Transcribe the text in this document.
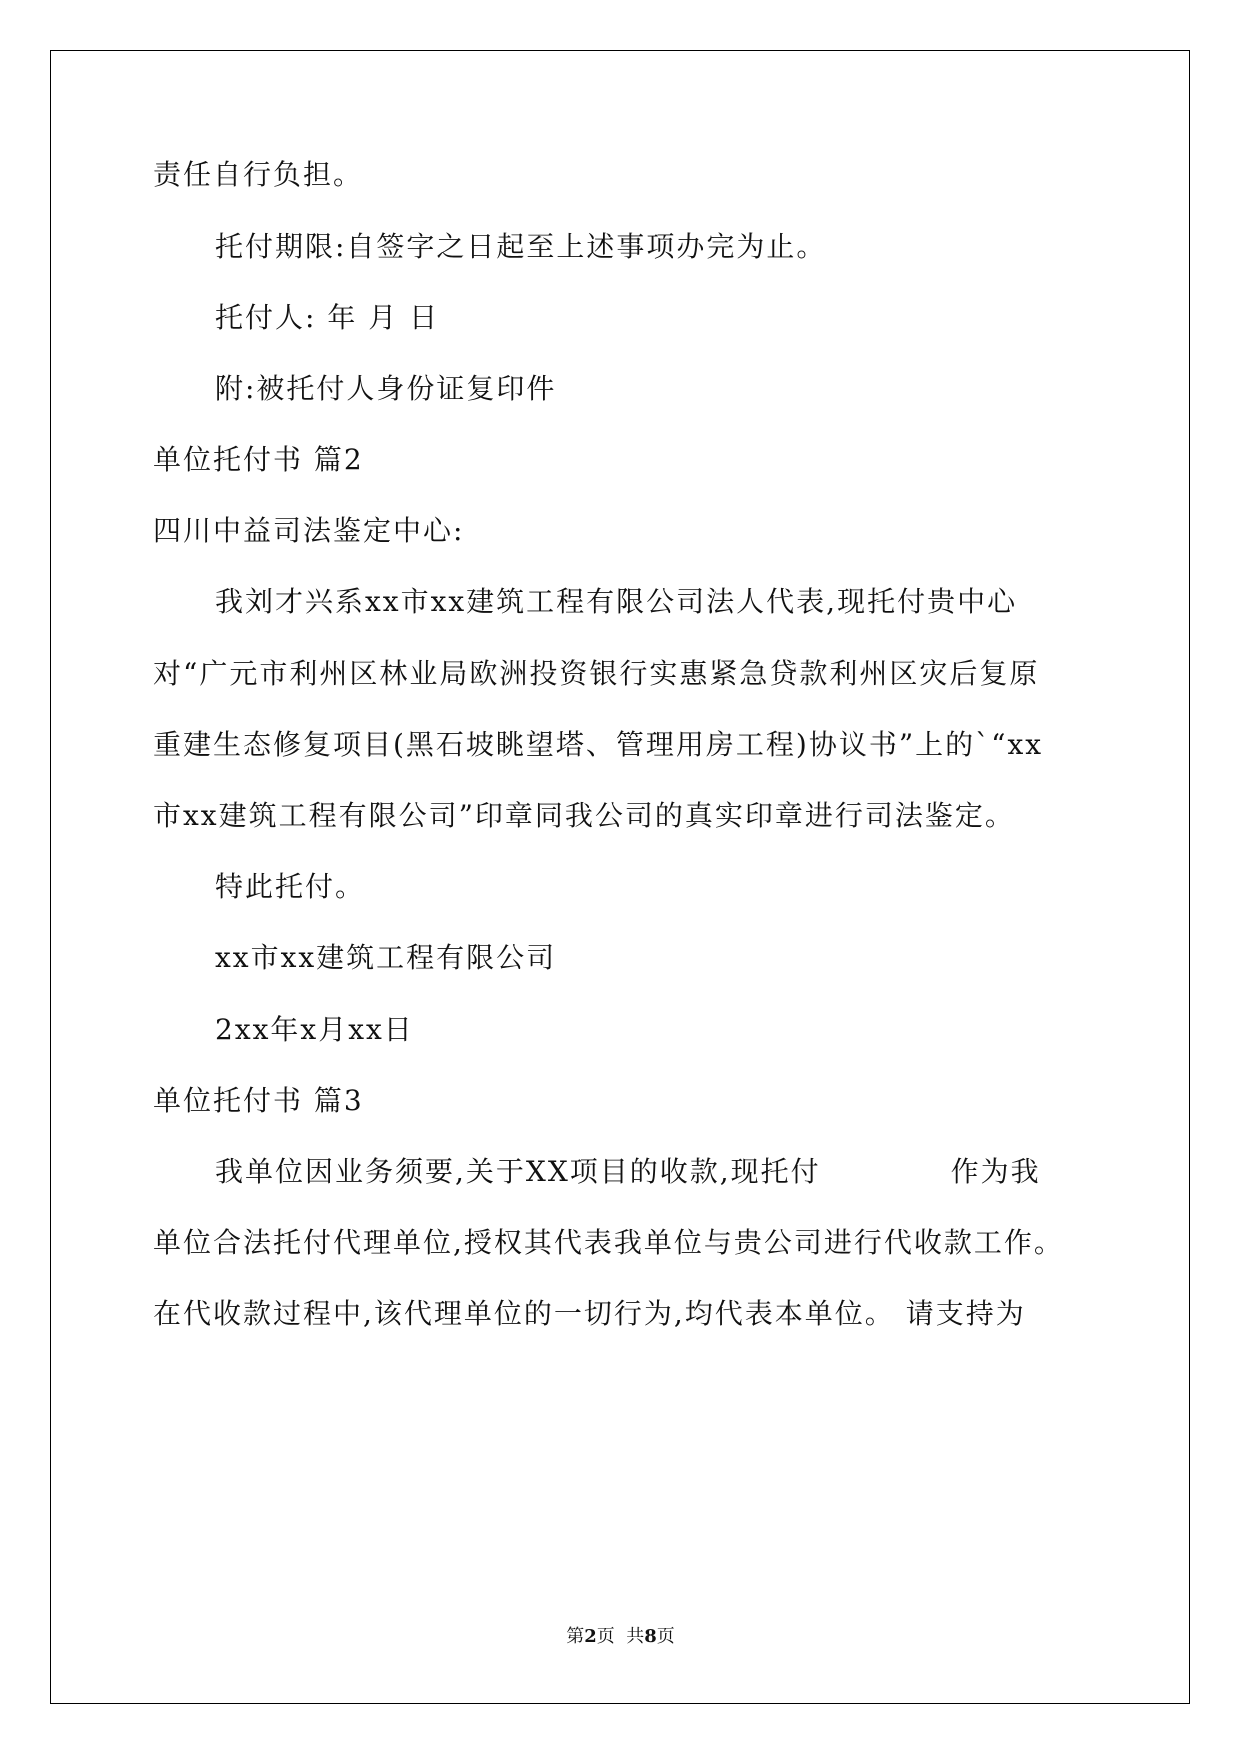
责任自行负担。
托付期限:自签字之日起至上述事项办完为止。
托付人: 年 月 日
附:被托付人身份证复印件
单位托付书 篇2
四川中益司法鉴定中心:
我刘才兴系xx市xx建筑工程有限公司法人代表,现托付贵中心
对“广元市利州区林业局欧洲投资银行实惠紧急贷款利州区灾后复原
重建生态修复项目(黑石坡眺望塔、管理用房工程)协议书”上的`“xx
市xx建筑工程有限公司”印章同我公司的真实印章进行司法鉴定。
特此托付。
xx市xx建筑工程有限公司
2xx年x月xx日
单位托付书 篇3
我单位因业务须要,关于XX项目的收款,现托付	作为我
单位合法托付代理单位,授权其代表我单位与贵公司进行代收款工作。
在代收款过程中,该代理单位的一切行为,均代表本单位。 请支持为
第2页  共8页
